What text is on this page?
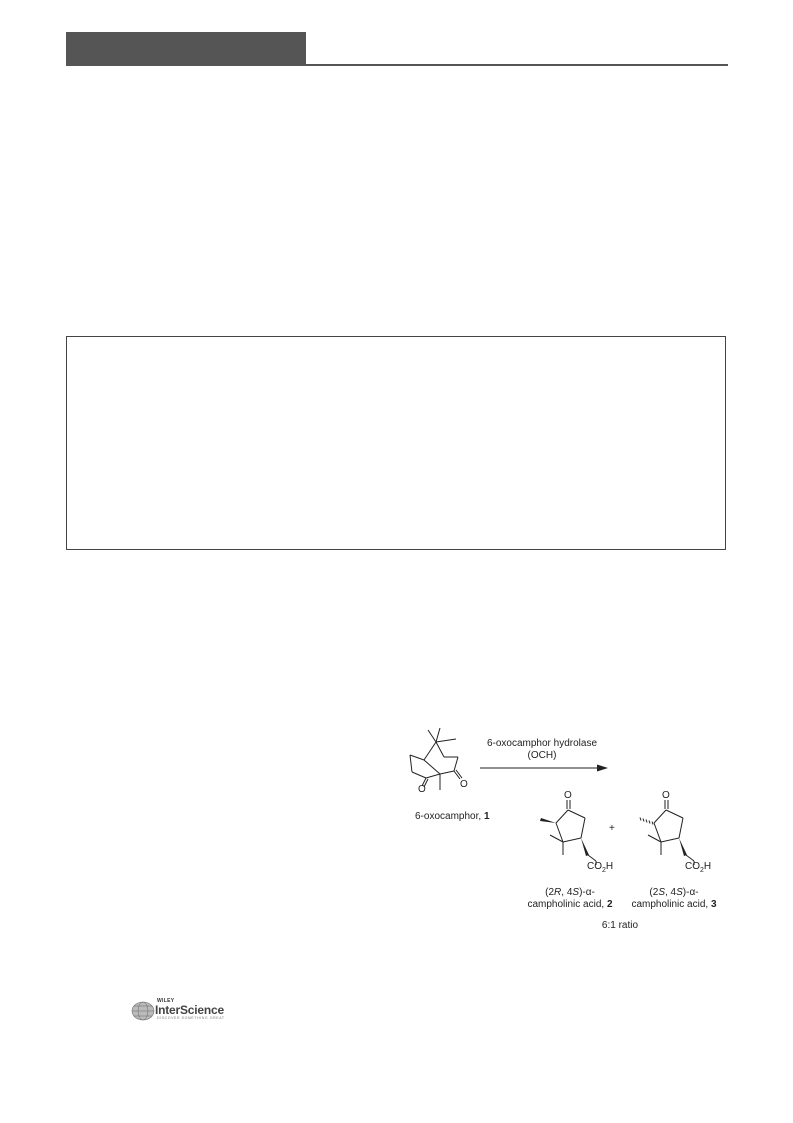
O	O
O	O
$CO_2H$	$CO_2H$
6-oxocamphor, 1
6-oxocamphor hydrolase
(OCH)
+
(2R, 4S)-α-
campholinic acid, 2
(2S, 4S)-α-
campholinic acid, 3
6:1 ratio
WILEY
InterScience
DISCOVER SOMETHING GREAT
